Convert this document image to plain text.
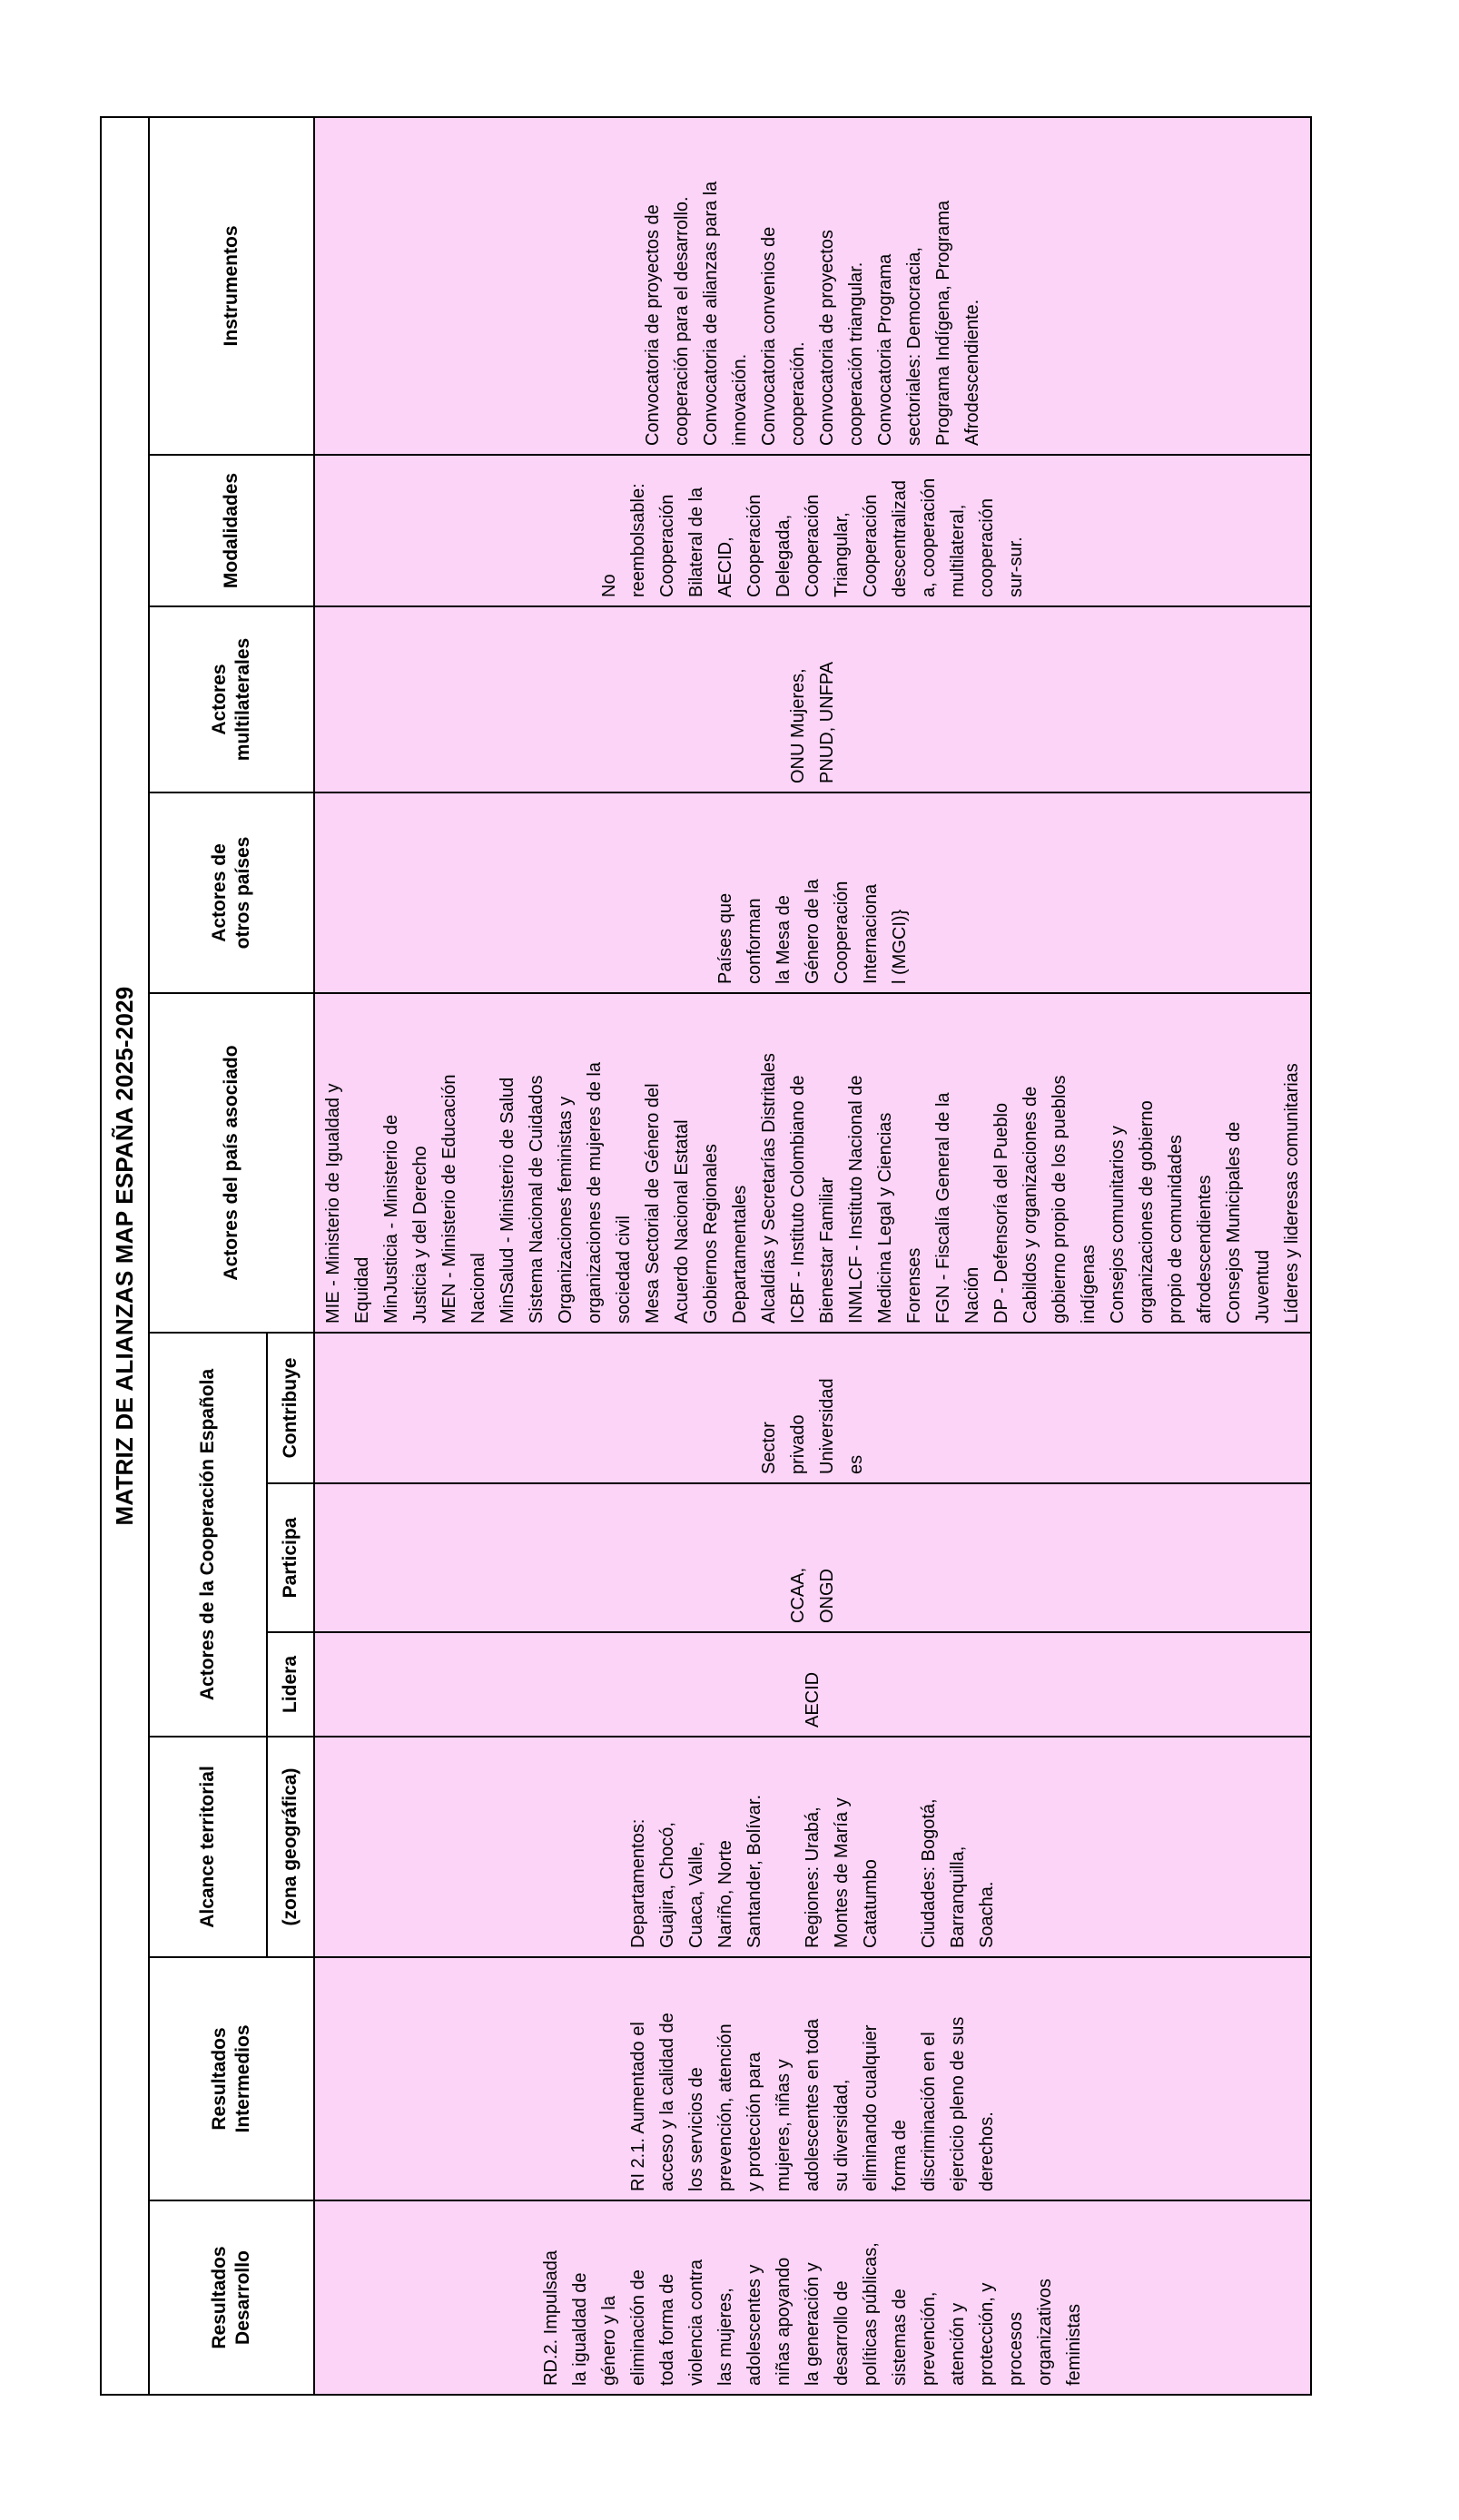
MATRIZ DE ALIANZAS MAP ESPAÑA 2025-2029
Resultados
Desarrollo
Resultados
Intermedios
Alcance territorial	(zona geográfica)
Actores de la Cooperación Española	Lidera
Participa
Contribuye
Actores del país asociado
Actores de
otros países
Actores
multilaterales
Modalidades
Instrumentos
RD.2. Impulsada
la igualdad de
género y la
eliminación de
toda forma de
violencia contra
las mujeres,
adolescentes y
niñas apoyando
la generación y
desarrollo de
políticas públicas,
sistemas de
prevención,
atención y
protección, y
procesos
organizativos
feministas
RI 2.1. Aumentado el
acceso y la calidad de
los servicios de
prevención, atención
y protección para
mujeres, niñas y
adolescentes en toda
su diversidad,
eliminando cualquier
forma de
discriminación en el
ejercicio pleno de sus
derechos.
Departamentos:
Guajira, Chocó,
Cuaca, Valle,
Nariño, Norte
Santander, Bolívar.

Regiones: Urabá,
Montes de María y
Catatumbo

Ciudades: Bogotá,
Barranquilla,
Soacha.
AECID
CCAA,
ONGD
Sector
privado
Universidad
es
MIE - Ministerio de Igualdad y
Equidad
MinJusticia - Ministerio de
Justicia y del Derecho
MEN - Ministerio de Educación
Nacional
MinSalud - Ministerio de Salud
Sistema Nacional de Cuidados
Organizaciones feministas y
organizaciones de mujeres de la
sociedad civil
Mesa Sectorial de Género del
Acuerdo Nacional Estatal
Gobiernos Regionales
Departamentales
Alcaldías y Secretarías Distritales
ICBF - Instituto Colombiano de
Bienestar Familiar
INMLCF - Instituto Nacional de
Medicina Legal y Ciencias
Forenses
FGN - Fiscalía General de la
Nación
DP - Defensoría del Pueblo
Cabildos y organizaciones de
gobierno propio de los pueblos
indígenas
Consejos comunitarios y
organizaciones de gobierno
propio de comunidades
afrodescendientes
Consejos Municipales de
Juventud
Líderes y lideresas comunitarias
Países que
conforman
la Mesa de
Género de la
Cooperación
Internaciona
l (MGCI)}
ONU Mujeres,
PNUD, UNFPA
No
reembolsable:
Cooperación
Bilateral de la
AECID,
Cooperación
Delegada,
Cooperación
Triangular,
Cooperación
descentralizad
a, cooperación
multilateral,
cooperación
sur-sur.
Convocatoria de proyectos de
cooperación para el desarrollo.
Convocatoria de alianzas para la
innovación.
Convocatoria convenios de
cooperación.
Convocatoria de proyectos
cooperación triangular.
Convocatoria Programa
sectoriales: Democracia,
Programa Indígena, Programa
Afrodescendiente.
